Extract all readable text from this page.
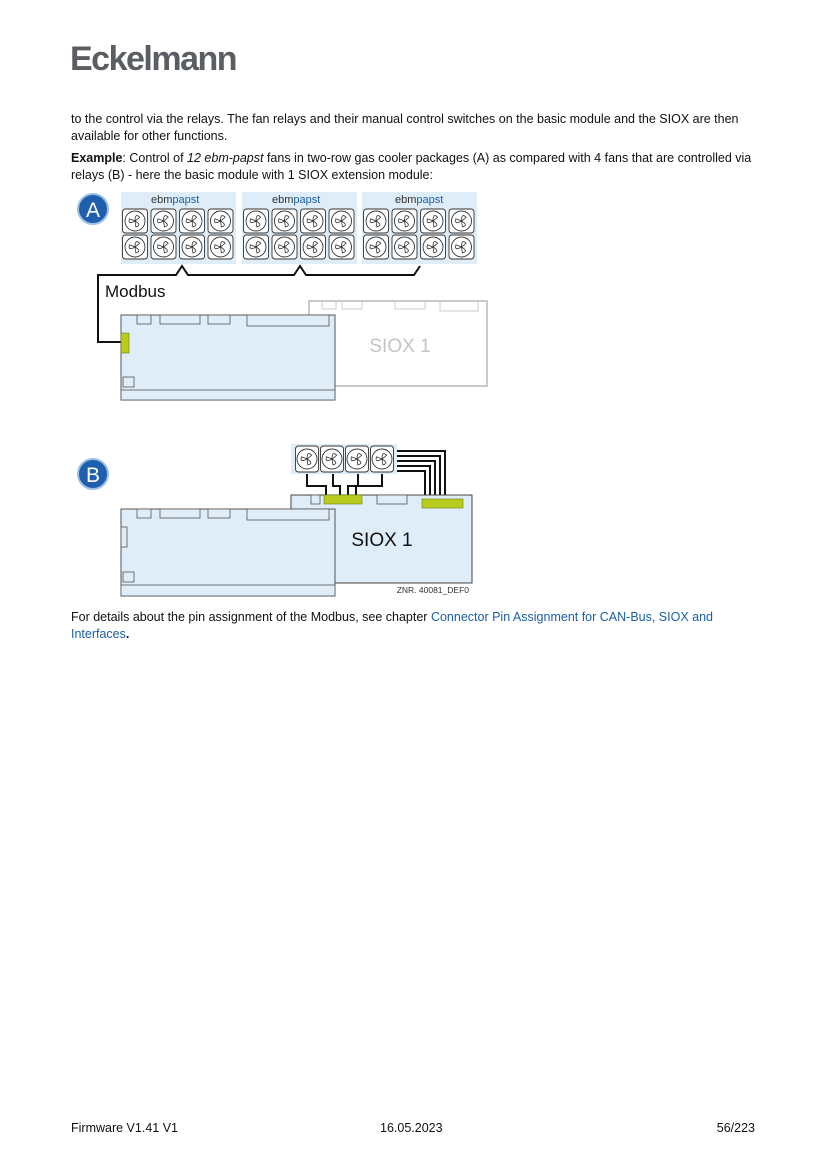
Eckelmann

to the control via the relays. The fan relays and their manual control switches on the basic module and the SIOX are then available for other functions.

Example: Control of 12 ebm-papst fans in two-row gas cooler packages (A) as compared with 4 fans that are controlled via relays (B) - here the basic module with 1 SIOX extension module:

A	ebmpapst	ebmpapst	ebmpapst
Modbus
SIOX 1
B
SIOX 1
ZNR. 40081_DEF0

For details about the pin assignment of the Modbus, see chapter Connector Pin Assignment for CAN-Bus, SIOX and Interfaces.

Firmware V1.41 V1	16.05.2023	56/223
